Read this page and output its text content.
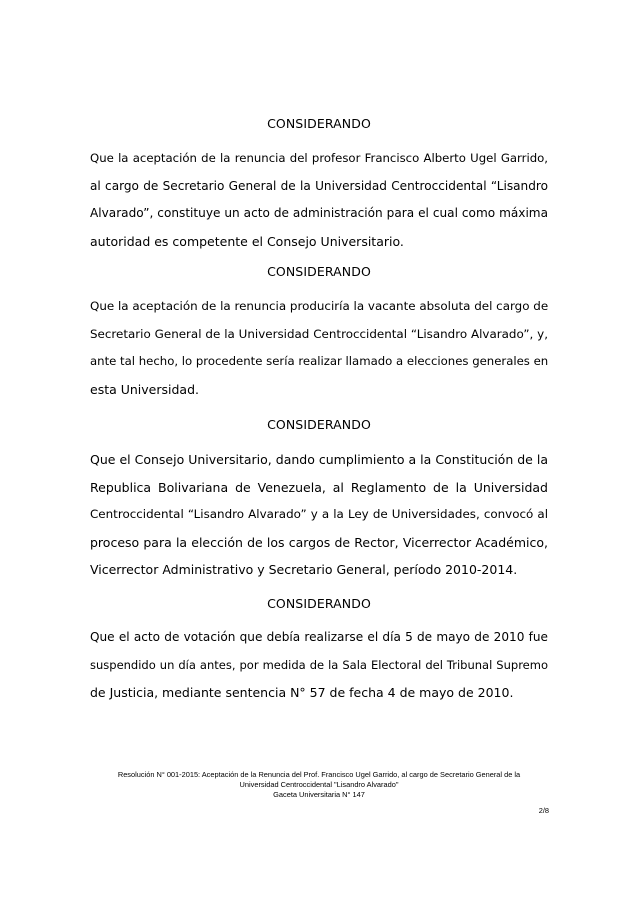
CONSIDERANDO
Que la aceptación de la renuncia del profesor Francisco Alberto Ugel Garrido,
al cargo de Secretario General de la Universidad Centroccidental “Lisandro
Alvarado”, constituye un acto de administración para el cual como máxima
autoridad es competente el Consejo Universitario.
CONSIDERANDO
Que la aceptación de la renuncia produciría la vacante absoluta del cargo de
Secretario General de la Universidad Centroccidental “Lisandro Alvarado”, y,
ante tal hecho, lo procedente sería realizar llamado a elecciones generales en
esta Universidad.
CONSIDERANDO
Que el Consejo Universitario, dando cumplimiento a la Constitución de la
Republica Bolivariana de Venezuela, al Reglamento de la Universidad
Centroccidental “Lisandro Alvarado” y a la Ley de Universidades, convocó al
proceso para la elección de los cargos de Rector, Vicerrector Académico,
Vicerrector Administrativo y Secretario General, período 2010-2014.
CONSIDERANDO
Que el acto de votación que debía realizarse el día 5 de mayo de 2010 fue
suspendido un día antes, por medida de la Sala Electoral del Tribunal Supremo
de Justicia, mediante sentencia N° 57 de fecha 4 de mayo de 2010.
Resolución N° 001-2015: Aceptación de la Renuncia del Prof. Francisco Ugel Garrido, al cargo de Secretario General de la
Universidad Centroccidental "Lisandro Alvarado"
Gaceta Universitaria N° 147
2/8
